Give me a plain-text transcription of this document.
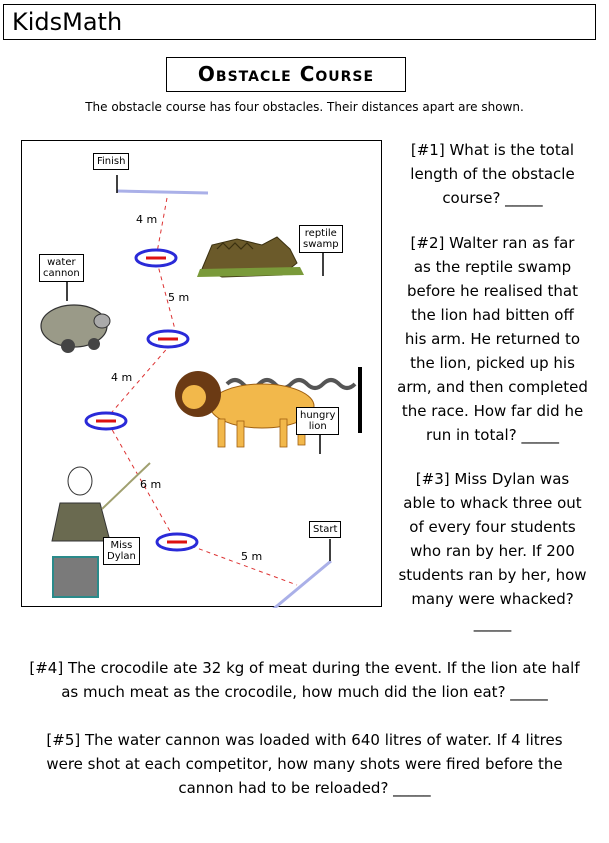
KidsMath
Obstacle Course
The obstacle course has four obstacles. Their distances apart are shown.
Finish
reptile
swamp
water
cannon
hungry
lion
Miss
Dylan
Start
4 m
5 m
4 m
6 m
5 m
[#1] What is the total
length of the obstacle
course? _____
[#2] Walter ran as far
as the reptile swamp
before he realised that
the lion had bitten off
his arm. He returned to
the lion, picked up his
arm, and then completed
the race. How far did he
run in total? _____
[#3] Miss Dylan was
able to whack three out
of every four students
who ran by her. If 200
students ran by her, how
many were whacked?
_____
[#4] The crocodile ate 32 kg of meat during the event. If the lion ate half
as much meat as the crocodile, how much did the lion eat? _____
[#5] The water cannon was loaded with 640 litres of water. If 4 litres
were shot at each competitor, how many shots were fired before the
cannon had to be reloaded? _____
